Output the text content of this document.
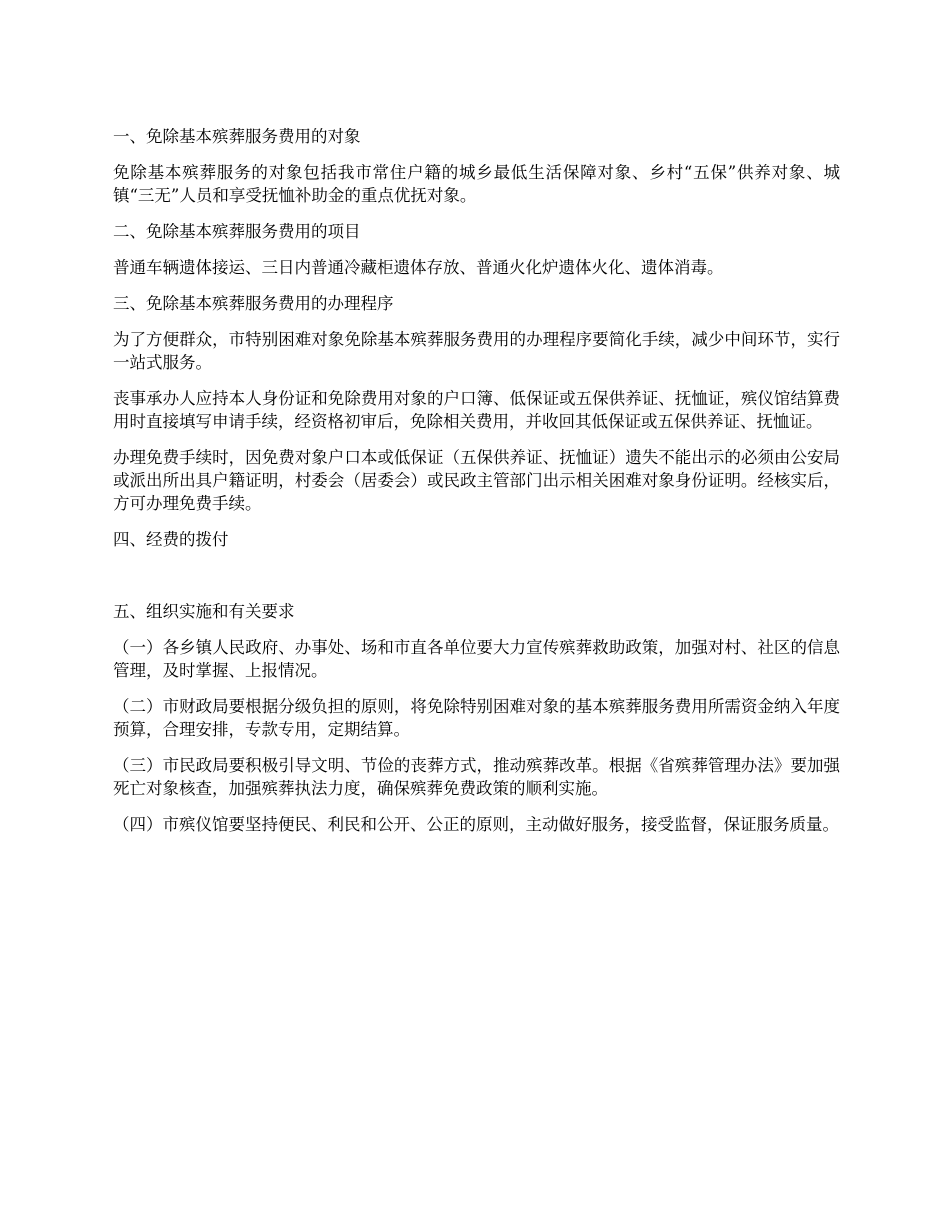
一、免除基本殡葬服务费用的对象

免除基本殡葬服务的对象包括我市常住户籍的城乡最低生活保障对象、乡村“五保”供养对象、城镇“三无”人员和享受抚恤补助金的重点优抚对象。

二、免除基本殡葬服务费用的项目

普通车辆遗体接运、三日内普通冷藏柜遗体存放、普通火化炉遗体火化、遗体消毒。

三、免除基本殡葬服务费用的办理程序

为了方便群众，市特别困难对象免除基本殡葬服务费用的办理程序要简化手续，减少中间环节，实行一站式服务。

丧事承办人应持本人身份证和免除费用对象的户口簿、低保证或五保供养证、抚恤证，殡仪馆结算费用时直接填写申请手续，经资格初审后，免除相关费用，并收回其低保证或五保供养证、抚恤证。

办理免费手续时，因免费对象户口本或低保证（五保供养证、抚恤证）遗失不能出示的必须由公安局或派出所出具户籍证明，村委会（居委会）或民政主管部门出示相关困难对象身份证明。经核实后，方可办理免费手续。

四、经费的拨付

五、组织实施和有关要求

（一）各乡镇人民政府、办事处、场和市直各单位要大力宣传殡葬救助政策，加强对村、社区的信息管理，及时掌握、上报情况。

（二）市财政局要根据分级负担的原则，将免除特别困难对象的基本殡葬服务费用所需资金纳入年度预算，合理安排，专款专用，定期结算。

（三）市民政局要积极引导文明、节俭的丧葬方式，推动殡葬改革。根据《省殡葬管理办法》要加强死亡对象核查，加强殡葬执法力度，确保殡葬免费政策的顺利实施。

（四）市殡仪馆要坚持便民、利民和公开、公正的原则，主动做好服务，接受监督，保证服务质量。
